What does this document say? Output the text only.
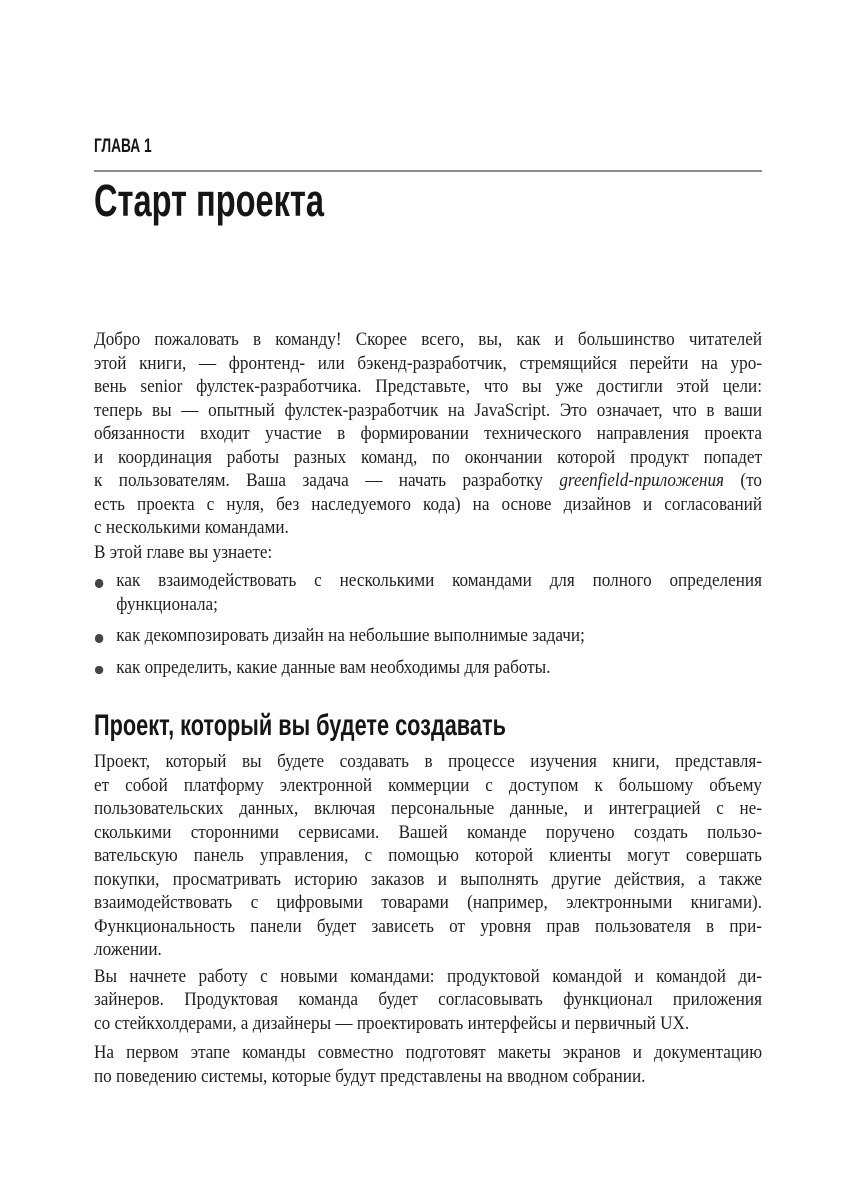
ГЛАВА 1
Старт проекта
Добро пожаловать в команду! Скорее всего, вы, как и большинство читателей
этой книги, — фронтенд- или бэкенд-разработчик, стремящийся перейти на уро-
вень senior фулстек-разработчика. Представьте, что вы уже достигли этой цели:
теперь вы — опытный фулстек-разработчик на JavaScript. Это означает, что в ваши
обязанности входит участие в формировании технического направления проекта
и координация работы разных команд, по окончании которой продукт попадет
к пользователям. Ваша задача — начать разработку greenfield-приложения (то
есть проекта с нуля, без наследуемого кода) на основе дизайнов и согласований
с несколькими командами.
В этой главе вы узнаете:
как взаимодействовать с несколькими командами для полного определения
функционала;
как декомпозировать дизайн на небольшие выполнимые задачи;
как определить, какие данные вам необходимы для работы.
Проект, который вы будете создавать
Проект, который вы будете создавать в процессе изучения книги, представля-
ет собой платформу электронной коммерции с доступом к большому объему
пользовательских данных, включая персональные данные, и интеграцией с не-
сколькими сторонними сервисами. Вашей команде поручено создать пользо-
вательскую панель управления, с помощью которой клиенты могут совершать
покупки, просматривать историю заказов и выполнять другие действия, а также
взаимодействовать с цифровыми товарами (например, электронными книгами).
Функциональность панели будет зависеть от уровня прав пользователя в при-
ложении.
Вы начнете работу с новыми командами: продуктовой командой и командой ди-
зайнеров. Продуктовая команда будет согласовывать функционал приложения
со стейкхолдерами, а дизайнеры — проектировать интерфейсы и первичный UX.
На первом этапе команды совместно подготовят макеты экранов и документацию
по поведению системы, которые будут представлены на вводном собрании.
